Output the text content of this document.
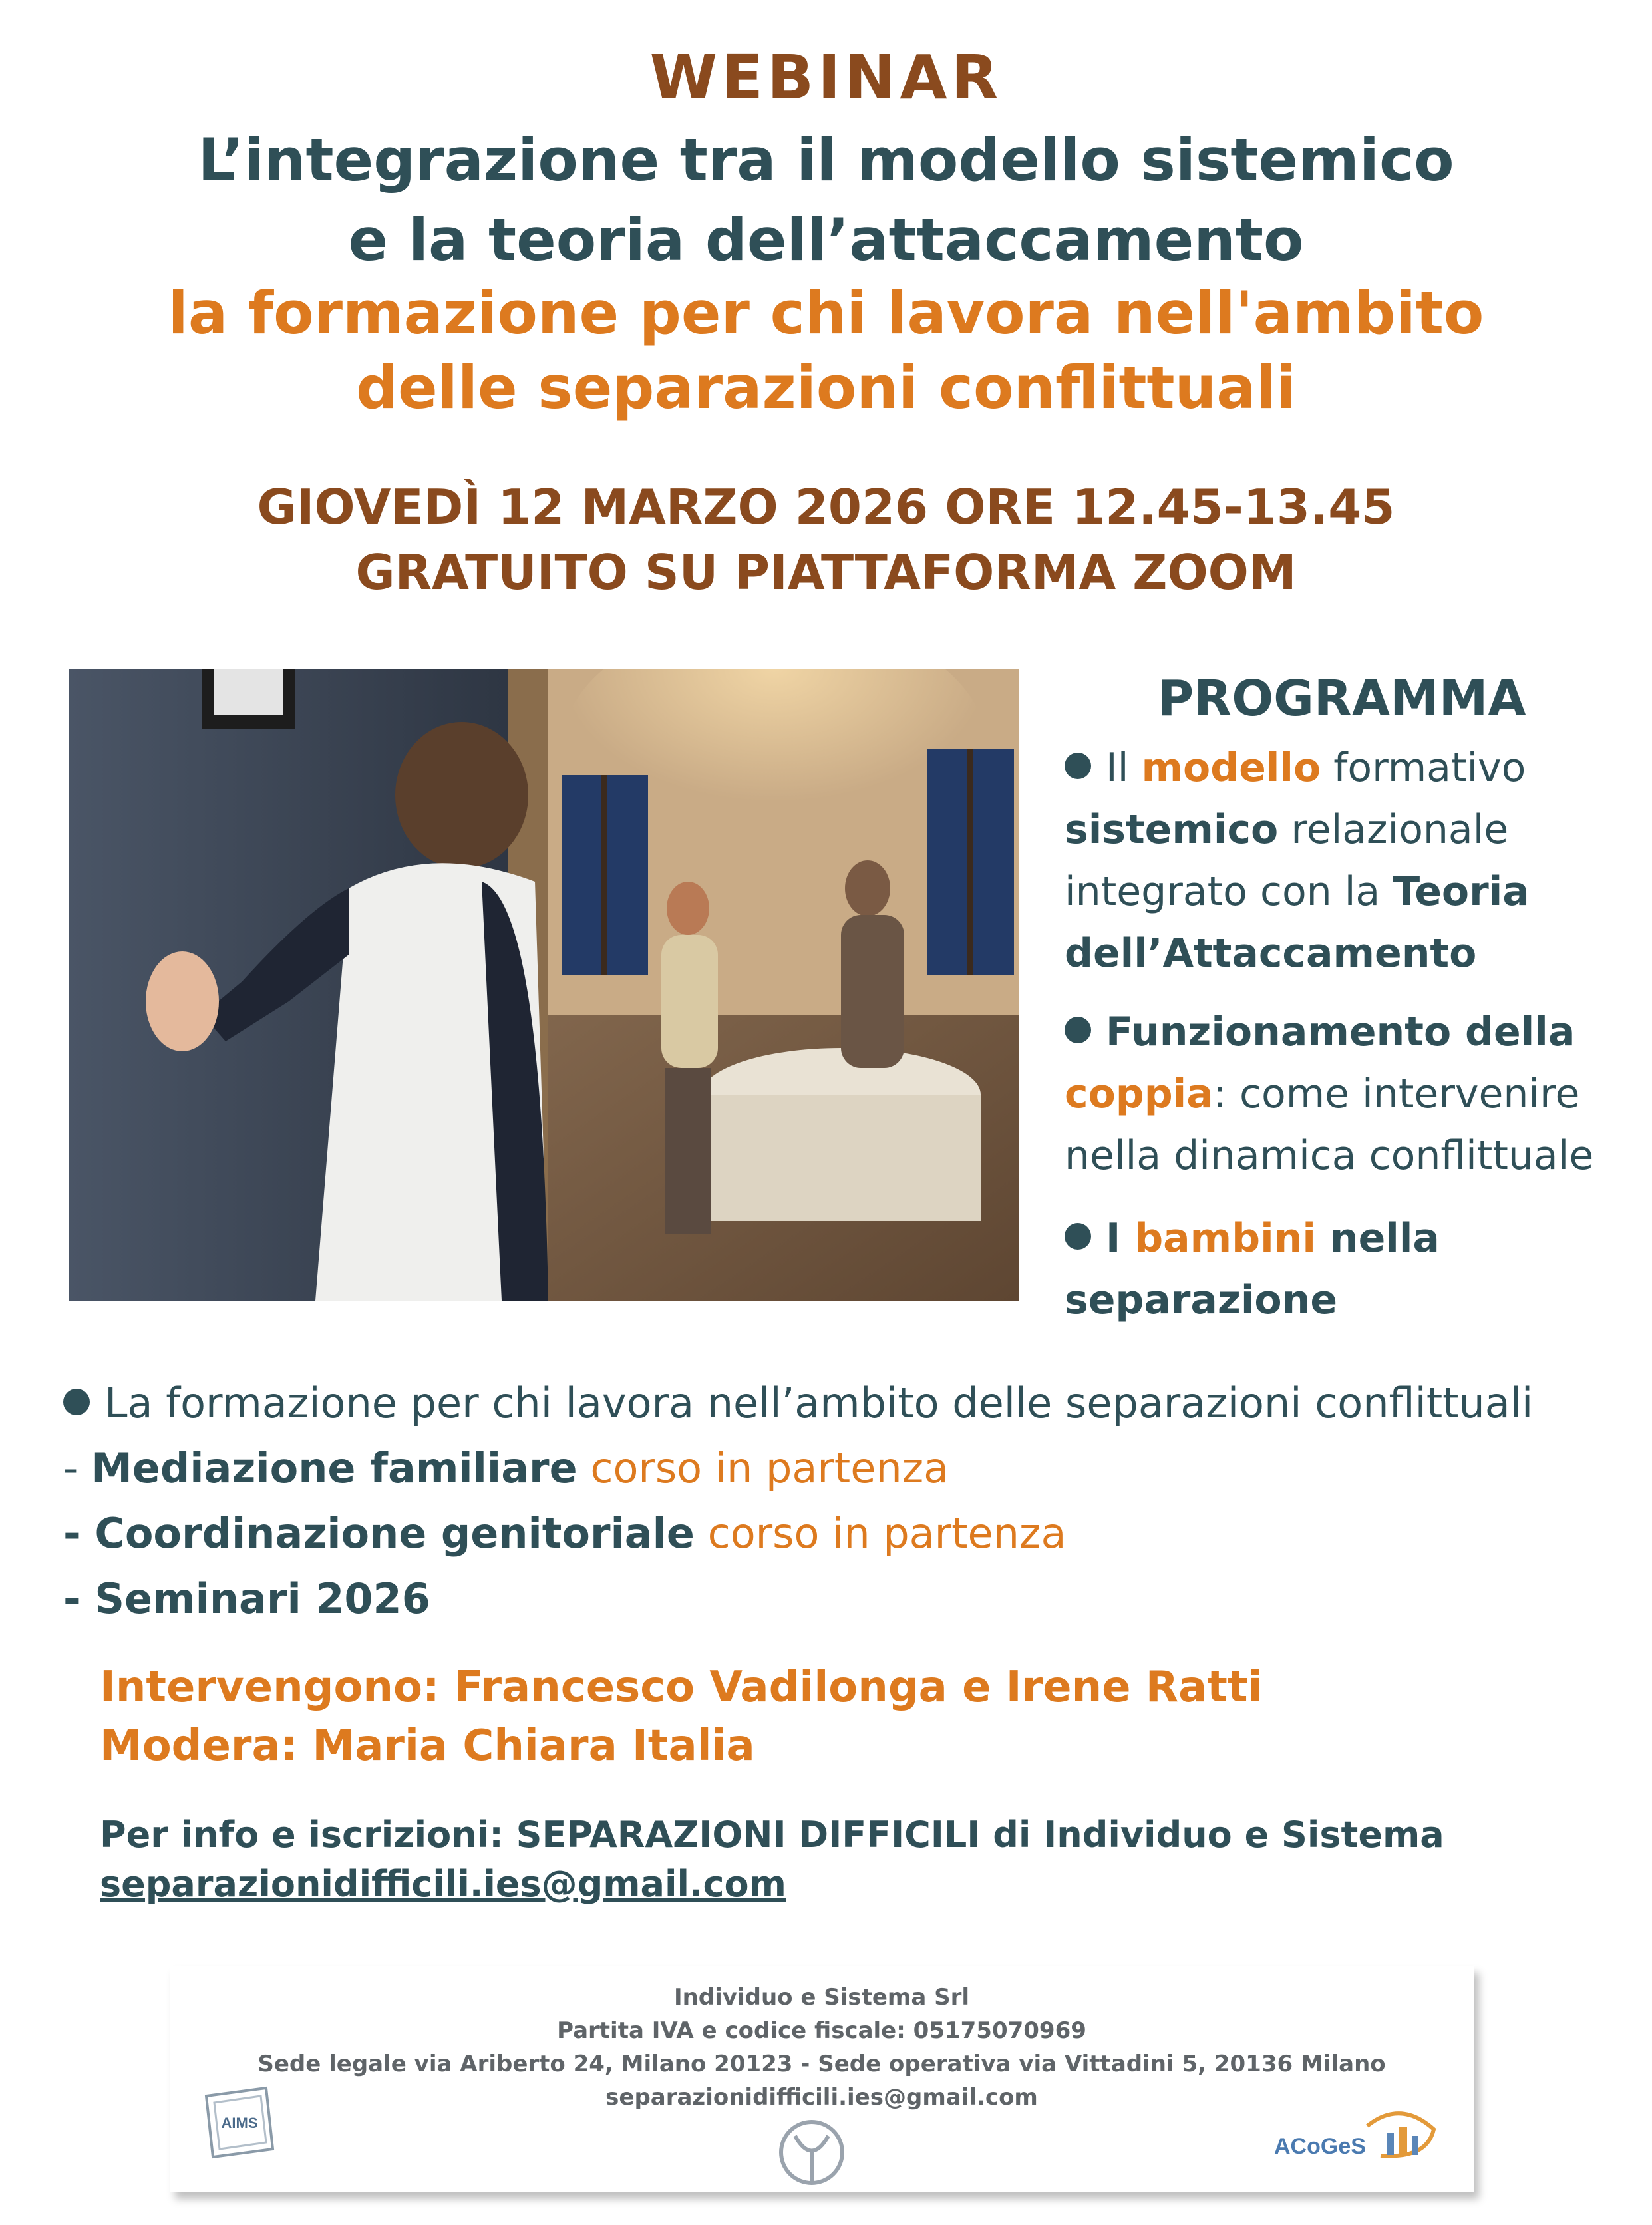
WEBINAR
L’integrazione tra il modello sistemico
e la teoria dell’attaccamento
la formazione per chi lavora nell'ambito
delle separazioni conflittuali
GIOVEDÌ 12 MARZO 2026 ORE 12.45-13.45
GRATUITO SU PIATTAFORMA ZOOM
PROGRAMMA
Il modello formativo
sistemico relazionale
integrato con la Teoria
dell’Attaccamento
Funzionamento della
coppia: come intervenire
nella dinamica conflittuale
I bambini nella
separazione
La formazione per chi lavora nell’ambito delle separazioni conflittuali
- Mediazione familiare corso in partenza
- Coordinazione genitoriale corso in partenza
- Seminari 2026
Intervengono: Francesco Vadilonga e Irene Ratti
Modera: Maria Chiara Italia
Per info e iscrizioni: SEPARAZIONI DIFFICILI di Individuo e Sistema
separazionidifficili.ies@gmail.com
Individuo e Sistema Srl
Partita IVA e codice fiscale: 05175070969
Sede legale via Ariberto 24, Milano 20123 - Sede operativa via Vittadini 5, 20136 Milano
separazionidifficili.ies@gmail.com
AIMS
ACoGeS
